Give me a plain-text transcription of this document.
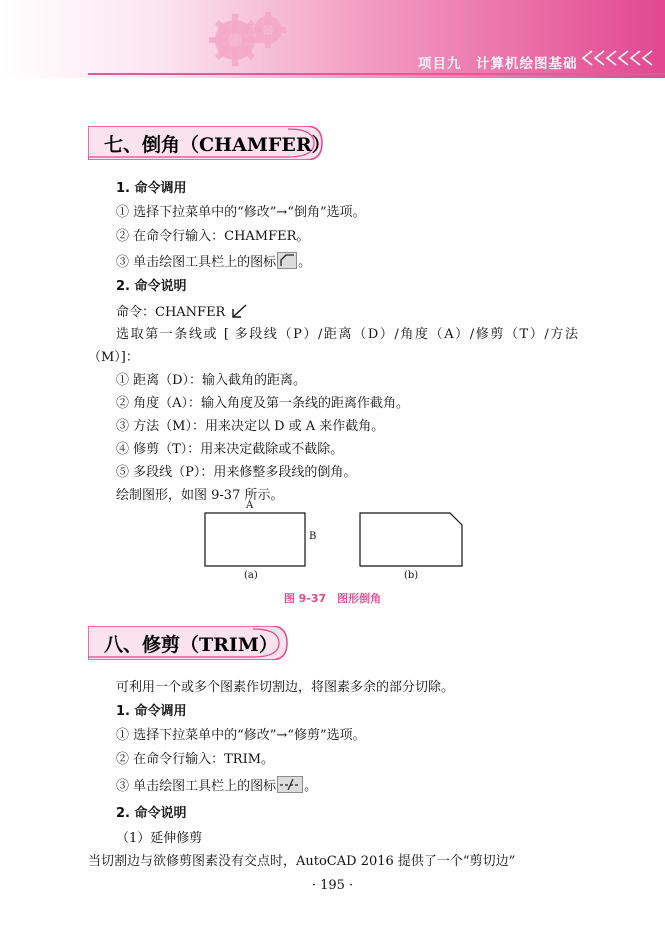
项目九　计算机绘图基础
七、倒角（CHAMFER）
1. 命令调用
① 选择下拉菜单中的“修改”→“倒角”选项。
② 在命令行输入：CHAMFER。
③ 单击绘图工具栏上的图标 。
2. 命令说明
命令：CHANFER
选取第一条线或 [ 多段线（P）/距离（D）/角度（A）/修剪（T）/方法
（M）]：
① 距离（D）：输入截角的距离。
② 角度（A）：输入角度及第一条线的距离作截角。
③ 方法（M）：用来决定以 D 或 A 来作截角。
④ 修剪（T）：用来决定截除或不截除。
⑤ 多段线（P）：用来修整多段线的倒角。
绘制图形，如图 9-37 所示。
A
B
(a)	(b)
图 9-37　图形倒角
八、修剪（TRIM）
可利用一个或多个图素作切割边，将图素多余的部分切除。
1. 命令调用
① 选择下拉菜单中的“修改”→“修剪”选项。
② 在命令行输入：TRIM。
③ 单击绘图工具栏上的图标 。
2. 命令说明
（1）延伸修剪
当切割边与欲修剪图素没有交点时，AutoCAD 2016 提供了一个“剪切边”
· 195 ·
